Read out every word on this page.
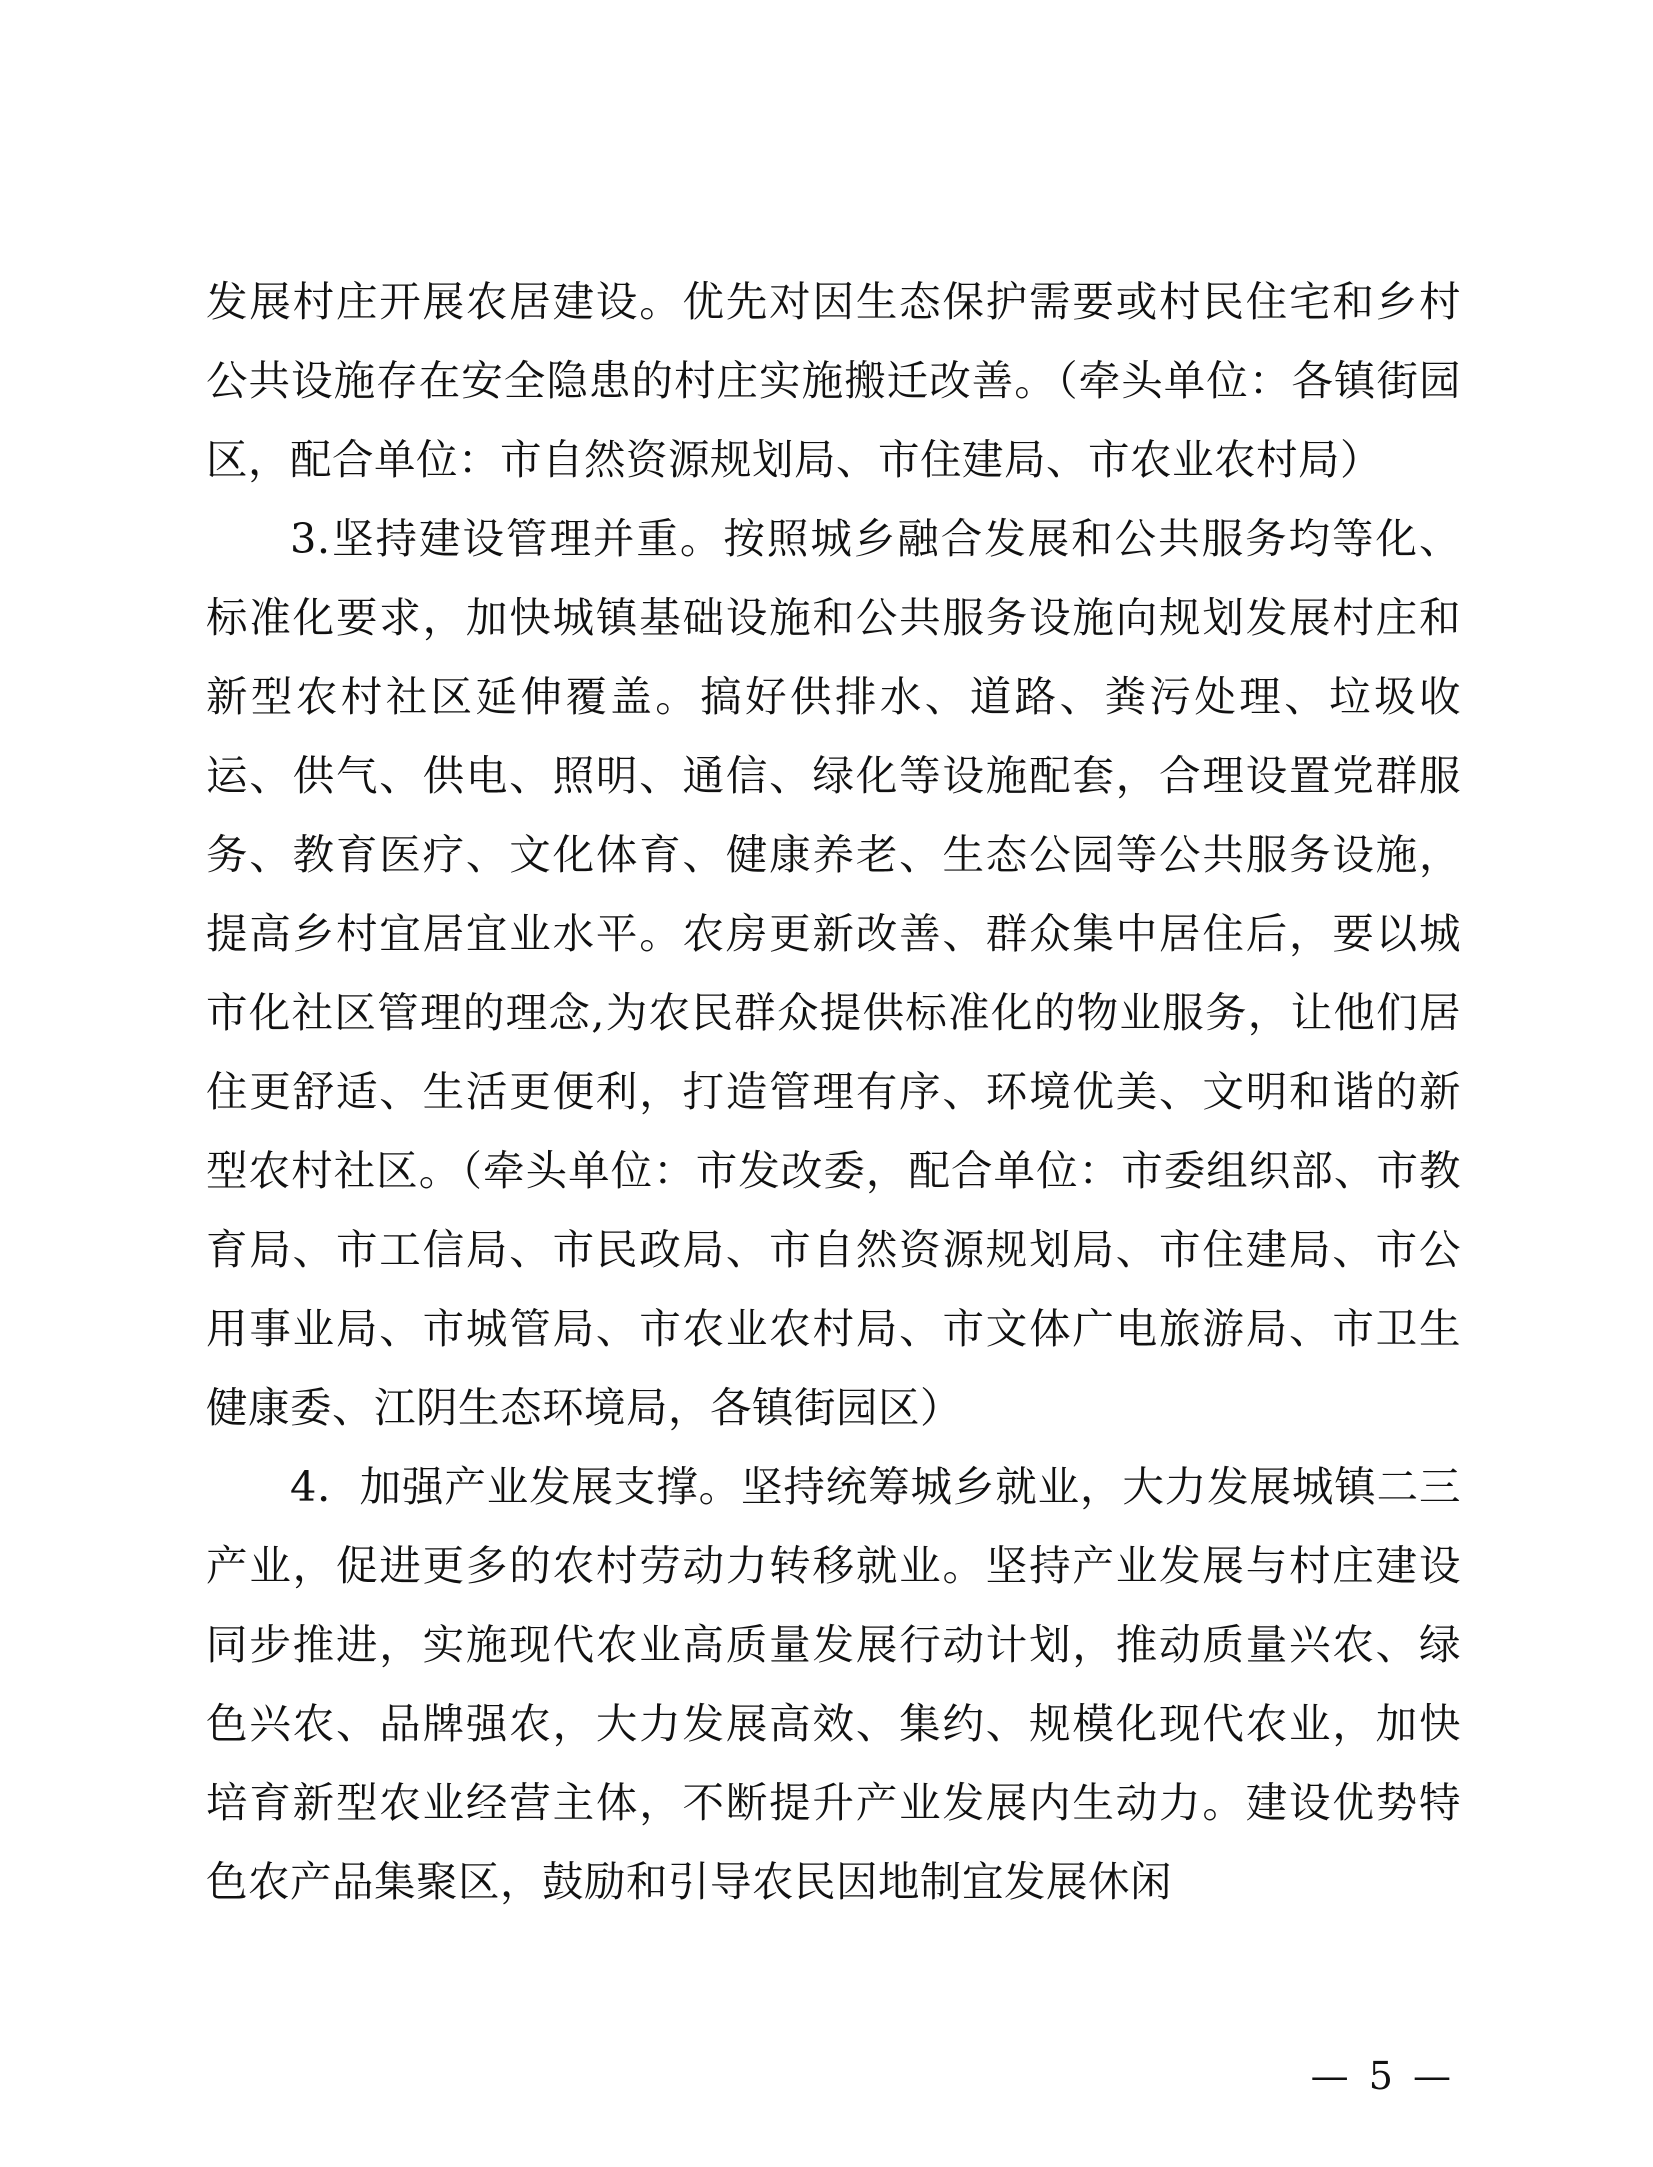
发展村庄开展农居建设。优先对因生态保护需要或村民住宅和乡村公共设施存在安全隐患的村庄实施搬迁改善。（牵头单位：各镇街园区，配合单位：市自然资源规划局、市住建局、市农业农村局）

3.坚持建设管理并重。按照城乡融合发展和公共服务均等化、标准化要求，加快城镇基础设施和公共服务设施向规划发展村庄和新型农村社区延伸覆盖。搞好供排水、道路、粪污处理、垃圾收运、供气、供电、照明、通信、绿化等设施配套，合理设置党群服务、教育医疗、文化体育、健康养老、生态公园等公共服务设施，提高乡村宜居宜业水平。农房更新改善、群众集中居住后，要以城市化社区管理的理念,为农民群众提供标准化的物业服务，让他们居住更舒适、生活更便利，打造管理有序、环境优美、文明和谐的新型农村社区。（牵头单位：市发改委，配合单位：市委组织部、市教育局、市工信局、市民政局、市自然资源规划局、市住建局、市公用事业局、市城管局、市农业农村局、市文体广电旅游局、市卫生健康委、江阴生态环境局，各镇街园区）

4．加强产业发展支撑。坚持统筹城乡就业，大力发展城镇二三产业，促进更多的农村劳动力转移就业。坚持产业发展与村庄建设同步推进，实施现代农业高质量发展行动计划，推动质量兴农、绿色兴农、品牌强农，大力发展高效、集约、规模化现代农业，加快培育新型农业经营主体，不断提升产业发展内生动力。建设优势特色农产品集聚区，鼓励和引导农民因地制宜发展休闲

— 5 —
